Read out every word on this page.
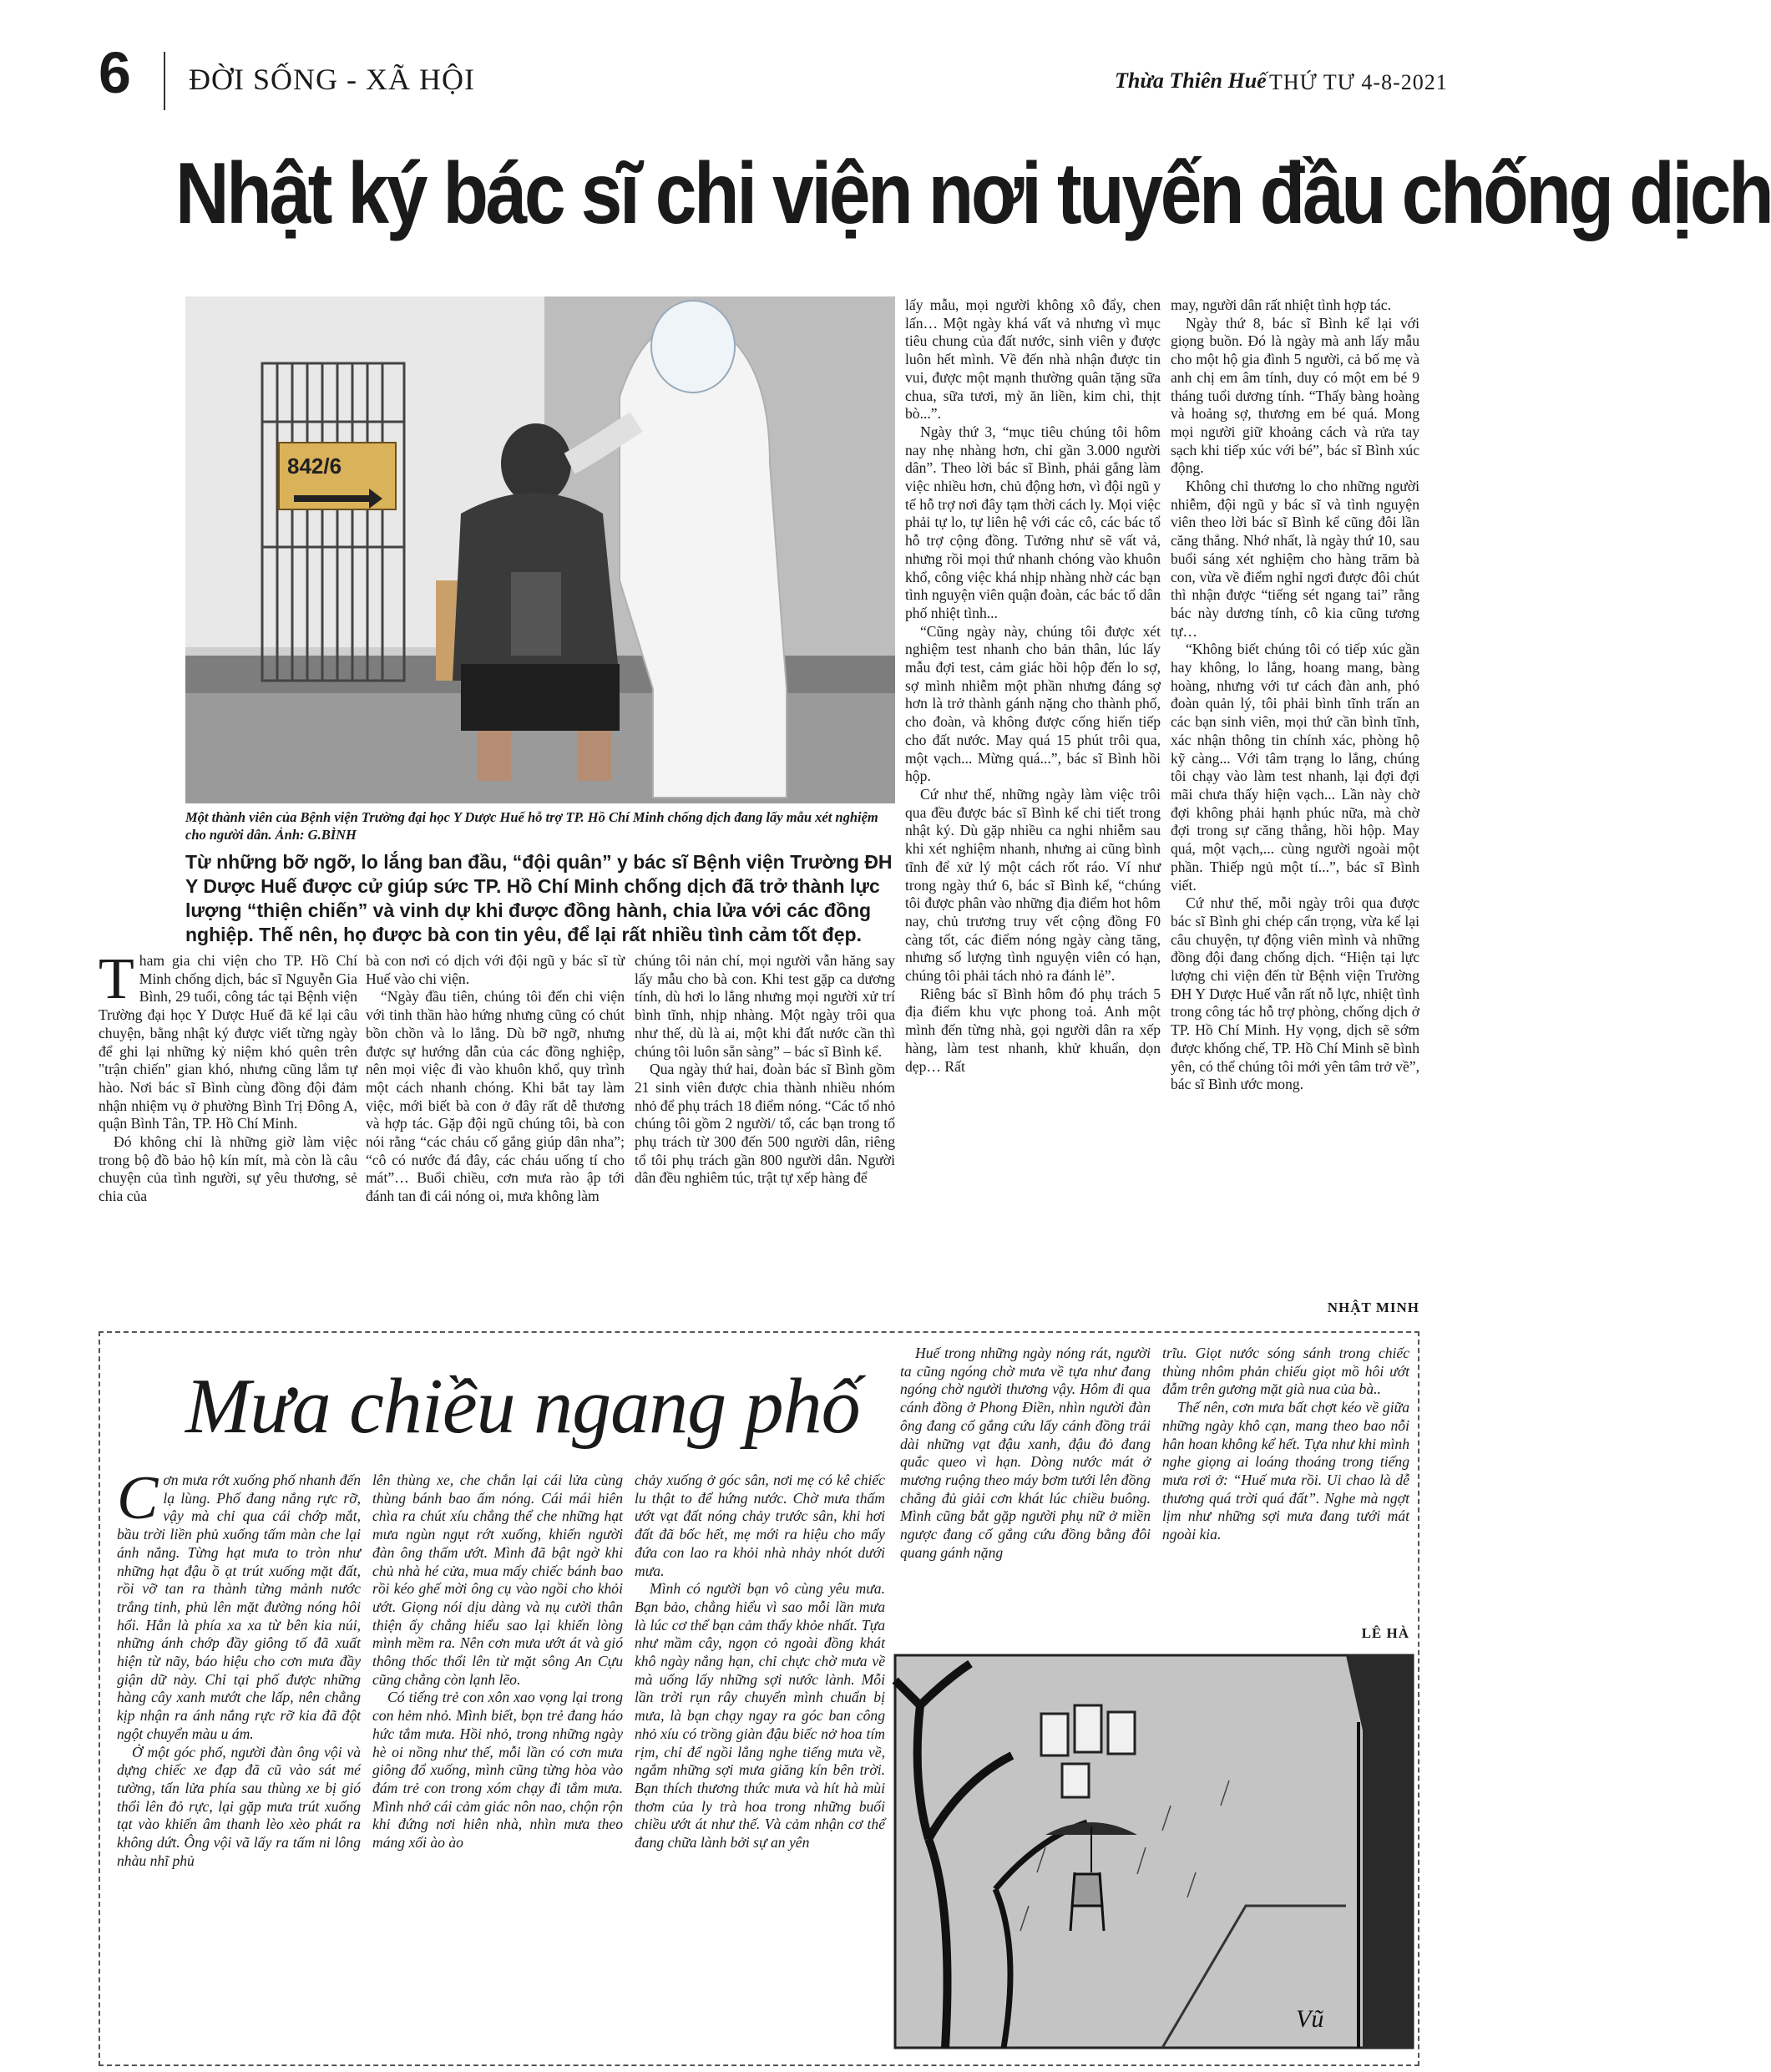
6 ĐỜI SỐNG - XÃ HỘI	Thừa Thiên Huế THỨ TƯ 4-8-2021
Nhật ký bác sĩ chi viện nơi tuyến đầu chống dịch
842/6
Một thành viên của Bệnh viện Trường đại học Y Dược Huế hỗ trợ TP. Hồ Chí Minh chống dịch đang lấy mẫu xét nghiệm cho người dân. Ảnh: G.BÌNH
Từ những bỡ ngỡ, lo lắng ban đầu, “đội quân” y bác sĩ Bệnh viện Trường ĐH Y Dược Huế được cử giúp sức TP. Hồ Chí Minh chống dịch đã trở thành lực lượng “thiện chiến” và vinh dự khi được đồng hành, chia lửa với các đồng nghiệp. Thế nên, họ được bà con tin yêu, để lại rất nhiều tình cảm tốt đẹp.
T ham gia chi viện cho TP. Hồ Chí Minh chống dịch, bác sĩ Nguyễn Gia Bình, 29 tuổi, công tác tại Bệnh viện Trường đại học Y Dược Huế đã kể lại câu chuyện, bằng nhật ký được viết từng ngày để ghi lại những kỷ niệm khó quên trên "trận chiến" gian khó, nhưng cũng lắm tự hào. Nơi bác sĩ Bình cùng đồng đội đảm nhận nhiệm vụ ở phường Bình Trị Đông A, quận Bình Tân, TP. Hồ Chí Minh.

Đó không chỉ là những giờ làm việc trong bộ đồ bảo hộ kín mít, mà còn là câu chuyện của tình người, sự yêu thương, sẻ chia của

bà con nơi có dịch với đội ngũ y bác sĩ từ Huế vào chi viện.

“Ngày đầu tiên, chúng tôi đến chi viện với tinh thần hào hứng nhưng cũng có chút bồn chồn và lo lắng. Dù bỡ ngỡ, nhưng được sự hướng dẫn của các đồng nghiệp, nên mọi việc đi vào khuôn khổ, quy trình một cách nhanh chóng. Khi bắt tay làm việc, mới biết bà con ở đây rất dễ thương và hợp tác. Gặp đội ngũ chúng tôi, bà con nói rằng “các cháu cố gắng giúp dân nha”; “cô có nước đá đây, các cháu uống tí cho mát”… Buổi chiều, cơn mưa rào ập tới đánh tan đi cái nóng oi, mưa không làm

chúng tôi nản chí, mọi người vẫn hăng say lấy mẫu cho bà con. Khi test gặp ca dương tính, dù hơi lo lắng nhưng mọi người xử trí bình tĩnh, nhịp nhàng. Một ngày trôi qua như thế, dù là ai, một khi đất nước cần thì chúng tôi luôn sẵn sàng” – bác sĩ Bình kể.

Qua ngày thứ hai, đoàn bác sĩ Bình gồm 21 sinh viên được chia thành nhiều nhóm nhỏ để phụ trách 18 điểm nóng. “Các tổ nhỏ chúng tôi gồm 2 người/ tổ, các bạn trong tổ phụ trách từ 300 đến 500 người dân, riêng tổ tôi phụ trách gần 800 người dân. Người dân đều nghiêm túc, trật tự xếp hàng để

lấy mẫu, mọi người không xô đẩy, chen lấn… Một ngày khá vất vả nhưng vì mục tiêu chung của đất nước, sinh viên y được luôn hết mình. Về đến nhà nhận được tin vui, được một mạnh thường quân tặng sữa chua, sữa tươi, mỳ ăn liền, kim chi, thịt bò...”.

Ngày thứ 3, “mục tiêu chúng tôi hôm nay nhẹ nhàng hơn, chỉ gần 3.000 người dân”. Theo lời bác sĩ Bình, phải gắng làm việc nhiều hơn, chủ động hơn, vì đội ngũ y tế hỗ trợ nơi đây tạm thời cách ly. Mọi việc phải tự lo, tự liên hệ với các cô, các bác tổ hỗ trợ cộng đồng. Tưởng như sẽ vất vả, nhưng rồi mọi thứ nhanh chóng vào khuôn khổ, công việc khá nhịp nhàng nhờ các bạn tình nguyện viên quận đoàn, các bác tổ dân phố nhiệt tình...

“Cũng ngày này, chúng tôi được xét nghiệm test nhanh cho bản thân, lúc lấy mẫu đợi test, cảm giác hồi hộp đến lo sợ, sợ mình nhiễm một phần nhưng đáng sợ hơn là trở thành gánh nặng cho thành phố, cho đoàn, và không được cống hiến tiếp cho đất nước. May quá 15 phút trôi qua, một vạch... Mừng quá...”, bác sĩ Bình hồi hộp.

Cứ như thế, những ngày làm việc trôi qua đều được bác sĩ Bình kể chi tiết trong nhật ký. Dù gặp nhiều ca nghi nhiễm sau khi xét nghiệm nhanh, nhưng ai cũng bình tĩnh để xử lý một cách rốt ráo. Ví như trong ngày thứ 6, bác sĩ Bình kể, “chúng tôi được phân vào những địa điểm hot hôm nay, chủ trương truy vết cộng đồng F0 càng tốt, các điểm nóng ngày càng tăng, nhưng số lượng tình nguyện viên có hạn, chúng tôi phải tách nhỏ ra đánh lẻ”.

Riêng bác sĩ Bình hôm đó phụ trách 5 địa điểm khu vực phong toả. Anh một mình đến từng nhà, gọi người dân ra xếp hàng, làm test nhanh, khử khuẩn, dọn dẹp… Rất

may, người dân rất nhiệt tình hợp tác.

Ngày thứ 8, bác sĩ Bình kể lại với giọng buồn. Đó là ngày mà anh lấy mẫu cho một hộ gia đình 5 người, cả bố mẹ và anh chị em âm tính, duy có một em bé 9 tháng tuổi dương tính. “Thấy bàng hoàng và hoảng sợ, thương em bé quá. Mong mọi người giữ khoảng cách và rửa tay sạch khi tiếp xúc với bé”, bác sĩ Bình xúc động.

Không chỉ thương lo cho những người nhiễm, đội ngũ y bác sĩ và tình nguyện viên theo lời bác sĩ Bình kể cũng đôi lần căng thẳng. Nhớ nhất, là ngày thứ 10, sau buổi sáng xét nghiệm cho hàng trăm bà con, vừa về điểm nghỉ ngơi được đôi chút thì nhận được “tiếng sét ngang tai” rằng bác này dương tính, cô kia cũng tương tự…

“Không biết chúng tôi có tiếp xúc gần hay không, lo lắng, hoang mang, bàng hoàng, nhưng với tư cách đàn anh, phó đoàn quản lý, tôi phải bình tĩnh trấn an các bạn sinh viên, mọi thứ cần bình tĩnh, xác nhận thông tin chính xác, phòng hộ kỹ càng... Với tâm trạng lo lắng, chúng tôi chạy vào làm test nhanh, lại đợi đợi mãi chưa thấy hiện vạch... Lần này chờ đợi không phải hạnh phúc nữa, mà chờ đợi trong sự căng thẳng, hồi hộp. May quá, một vạch,... cùng người ngoài một phần. Thiếp ngủ một tí...”, bác sĩ Bình viết.

Cứ như thế, mỗi ngày trôi qua được bác sĩ Bình ghi chép cẩn trọng, vừa kể lại câu chuyện, tự động viên mình và những đồng đội đang chống dịch. “Hiện tại lực lượng chi viện đến từ Bệnh viện Trường ĐH Y Dược Huế vẫn rất nỗ lực, nhiệt tình trong công tác hỗ trợ phòng, chống dịch ở TP. Hồ Chí Minh. Hy vọng, dịch sẽ sớm được khống chế, TP. Hồ Chí Minh sẽ bình yên, có thể chúng tôi mới yên tâm trở về”, bác sĩ Bình ước mong.

NHẬT MINH
Mưa chiều ngang phố
C ơn mưa rớt xuống phố nhanh đến lạ lùng. Phố đang nắng rực rỡ, vậy mà chỉ qua cái chớp mắt, bầu trời liền phủ xuống tấm màn che lại ánh nắng. Từng hạt mưa to tròn như những hạt đậu ồ ạt trút xuống mặt đất, rồi vỡ tan ra thành từng mảnh nước trắng tinh, phủ lên mặt đường nóng hôi hổi. Hẳn là phía xa xa từ bên kia núi, những ánh chớp đầy giông tố đã xuất hiện từ nãy, báo hiệu cho cơn mưa đầy giận dữ này. Chỉ tại phố được những hàng cây xanh mướt che lấp, nên chẳng kịp nhận ra ánh nắng rực rỡ kia đã đột ngột chuyển màu u ám.

Ở một góc phố, người đàn ông vội và dựng chiếc xe đạp đã cũ vào sát mé tường, tấn lửa phía sau thùng xe bị gió thổi lên đỏ rực, lại gặp mưa trút xuống tạt vào khiến âm thanh lèo xèo phát ra không dứt. Ông vội vã lấy ra tấm ni lông nhàu nhĩ phủ

lên thùng xe, che chắn lại cái lửa cùng thùng bánh bao ấm nóng. Cái mái hiên chìa ra chút xíu chẳng thể che những hạt mưa ngùn ngụt rớt xuống, khiến người đàn ông thấm ướt. Mình đã bật ngờ khi chủ nhà hé cửa, mua mấy chiếc bánh bao rồi kéo ghế mời ông cụ vào ngồi cho khỏi ướt. Giọng nói dịu dàng và nụ cười thân thiện ấy chẳng hiểu sao lại khiến lòng mình mềm ra. Nên cơn mưa ướt át và gió thông thốc thổi lên từ mặt sông An Cựu cũng chẳng còn lạnh lẽo.

Có tiếng trẻ con xôn xao vọng lại trong con hẻm nhỏ. Mình biết, bọn trẻ đang háo hức tắm mưa. Hồi nhỏ, trong những ngày hè oi nồng như thế, mỗi lần có cơn mưa giông đổ xuống, mình cũng từng hòa vào đám trẻ con trong xóm chạy đi tắm mưa. Mình nhớ cái cảm giác nôn nao, chộn rộn khi đứng nơi hiên nhà, nhìn mưa theo máng xối ào ào

chảy xuống ở góc sân, nơi mẹ có kê chiếc lu thật to để hứng nước. Chờ mưa thấm ướt vạt đất nóng chảy trước sân, khi hơi đất đã bốc hết, mẹ mới ra hiệu cho mấy đứa con lao ra khỏi nhà nhảy nhót dưới mưa.

Mình có người bạn vô cùng yêu mưa. Bạn bảo, chẳng hiểu vì sao mỗi lần mưa là lúc cơ thể bạn cảm thấy khỏe nhất. Tựa như mầm cây, ngọn cỏ ngoài đồng khát khô ngày nắng hạn, chỉ chực chờ mưa về mà uống lấy những sợi nước lành. Mỗi lần trời rụn rây chuyển mình chuẩn bị mưa, là bạn chạy ngay ra góc ban công nhỏ xíu có trồng giàn đậu biếc nở hoa tím rịm, chỉ để ngồi lắng nghe tiếng mưa về, ngắm những sợi mưa giăng kín bên trời. Bạn thích thương thức mưa và hít hà mùi thơm của ly trà hoa trong những buổi chiều ướt át như thế. Và cảm nhận cơ thể đang chữa lành bởi sự an yên

Huế trong những ngày nóng rát, người ta cũng ngóng chờ mưa về tựa như đang ngóng chờ người thương vậy. Hôm đi qua cánh đồng ở Phong Điền, nhìn người đàn ông đang cố gắng cứu lấy cánh đồng trái dài những vạt đậu xanh, đậu đỏ đang quắc queo vì hạn. Dòng nước mát ở mương ruộng theo máy bơm tưới lên đồng chẳng đủ giải cơn khát lúc chiều buông. Mình cũng bắt gặp người phụ nữ ở miền ngược đang cố gắng cứu đồng bằng đôi quang gánh nặng

trĩu. Giọt nước sóng sánh trong chiếc thùng nhôm phản chiếu giọt mồ hôi ướt đẫm trên gương mặt già nua của bà..

Thế nên, cơn mưa bất chợt kéo về giữa những ngày khô cạn, mang theo bao nỗi hân hoan không kể hết. Tựa như khi mình nghe giọng ai loáng thoáng trong tiếng mưa rơi ở: “Huế mưa rồi. Ui chao là dễ thương quá trời quá đất”. Nghe mà ngợt lịm như những sợi mưa đang tưới mát ngoài kia.

LÊ HÀ
Vũ
